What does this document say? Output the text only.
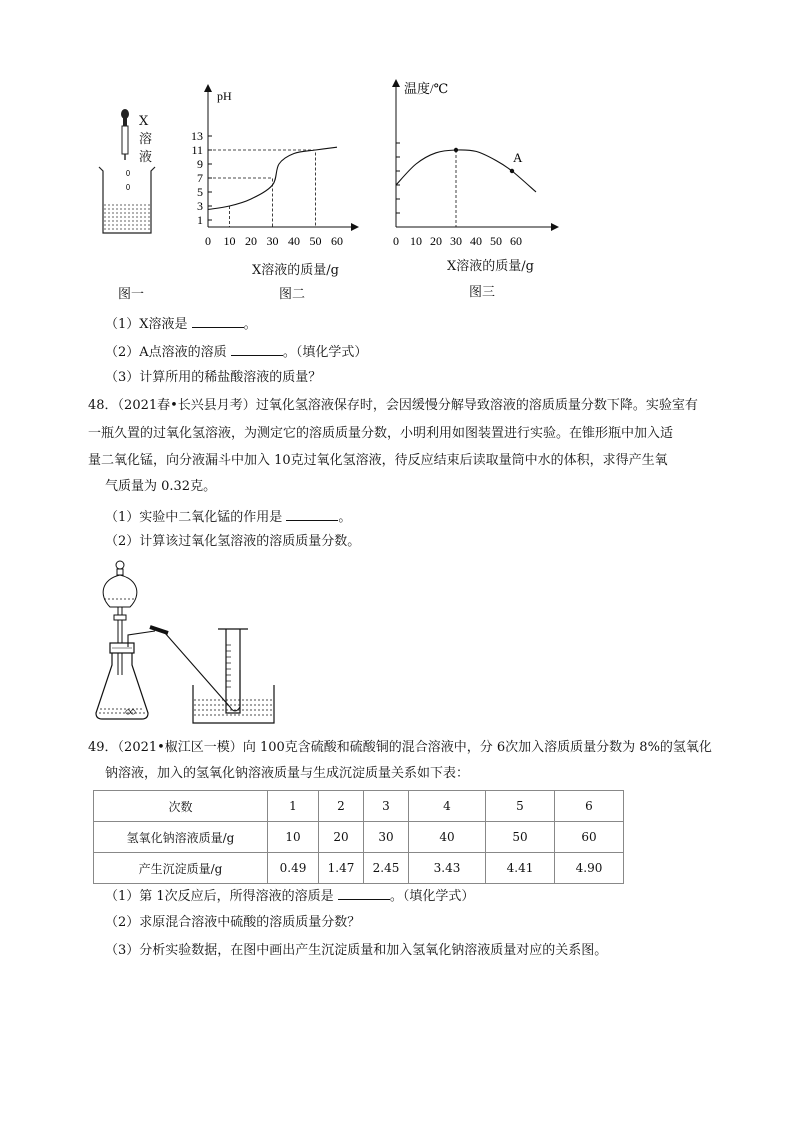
X
溶
液
图一
pH
1
3
5
7
9
11
13
0 10 20 30 40 50 60
X溶液的质量/g
图二
温度/℃
0 10 20 30 40 50 60
A
X溶液的质量/g
图三
（1）X溶液是	。
（2）A点溶液的溶质	。（填化学式）
（3）计算所用的稀盐酸溶液的质量？
48．（2021春•长兴县月考）过氧化氢溶液保存时，会因缓慢分解导致溶液的溶质质量分数下降。实验室有
一瓶久置的过氧化氢溶液，为测定它的溶质质量分数，小明利用如图装置进行实验。在锥形瓶中加入适
量二氧化锰，向分液漏斗中加入 10克过氧化氢溶液，待反应结束后读取量筒中水的体积，求得产生氧
气质量为 0.32克。
（1）实验中二氧化锰的作用是	。
（2）计算该过氧化氢溶液的溶质质量分数。
49．（2021•椒江区一模）向 100克含硫酸和硫酸铜的混合溶液中，分 6次加入溶质质量分数为 8%的氢氧化
钠溶液，加入的氢氧化钠溶液质量与生成沉淀质量关系如下表：
次数	1	2	3	4	5	6
氢氧化钠溶液质量/g	10	20	30	40	50	60
产生沉淀质量/g	0.49	1.47	2.45	3.43	4.41	4.90
（1）第 1次反应后，所得溶液的溶质是	。（填化学式）
（2）求原混合溶液中硫酸的溶质质量分数？
（3）分析实验数据，在图中画出产生沉淀质量和加入氢氧化钠溶液质量对应的关系图。
